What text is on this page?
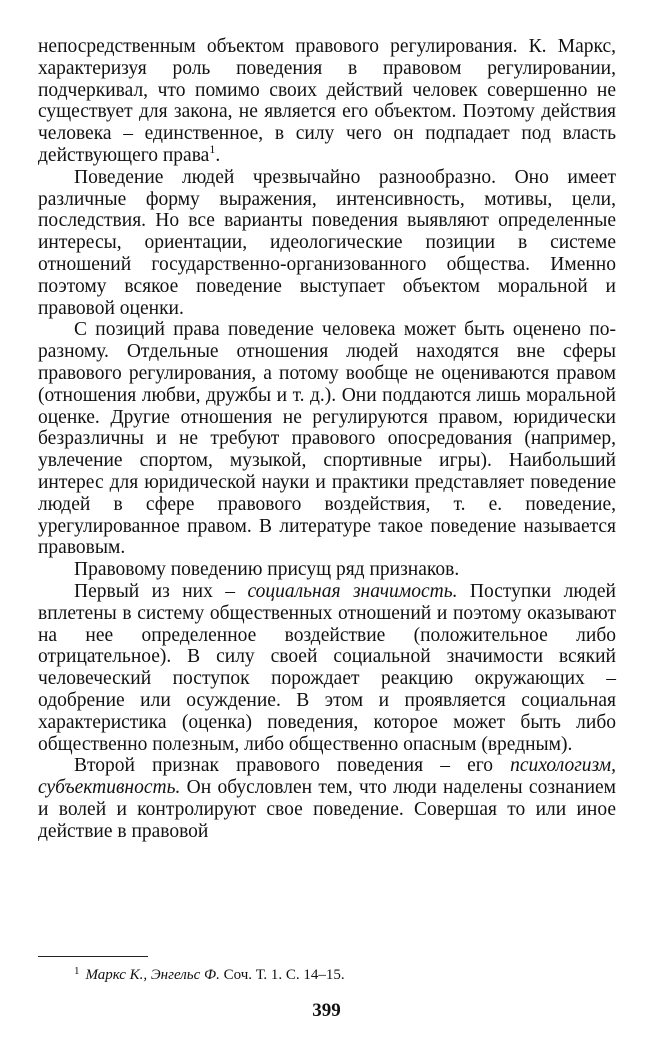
непосредственным объектом правового регулирования. К. Маркс, характеризуя роль поведения в правовом регулировании, подчеркивал, что помимо своих действий человек совершенно не существует для закона, не является его объектом. Поэтому действия человека – единственное, в силу чего он подпадает под власть действующего права$^1$.

Поведение людей чрезвычайно разнообразно. Оно имеет различные форму выражения, интенсивность, мотивы, цели, последствия. Но все варианты поведения выявляют определенные интересы, ориентации, идеологические позиции в системе отношений государственно-организованного общества. Именно поэтому всякое поведение выступает объектом моральной и правовой оценки.

С позиций права поведение человека может быть оценено по-разному. Отдельные отношения людей находятся вне сферы правового регулирования, а потому вообще не оцениваются правом (отношения любви, дружбы и т. д.). Они поддаются лишь моральной оценке. Другие отношения не регулируются правом, юридически безразличны и не требуют правового опосредования (например, увлечение спортом, музыкой, спортивные игры). Наибольший интерес для юридической науки и практики представляет поведение людей в сфере правового воздействия, т. е. поведение, урегулированное правом. В литературе такое поведение называется правовым.

Правовому поведению присущ ряд признаков.

Первый из них – социальная значимость. Поступки людей вплетены в систему общественных отношений и поэтому оказывают на нее определенное воздействие (положительное либо отрицательное). В силу своей социальной значимости всякий человеческий поступок порождает реакцию окружающих – одобрение или осуждение. В этом и проявляется социальная характеристика (оценка) поведения, которое может быть либо общественно полезным, либо общественно опасным (вредным).

Второй признак правового поведения – его психологизм, субъективность. Он обусловлен тем, что люди наделены сознанием и волей и контролируют свое поведение. Совершая то или иное действие в правовой

$^1$ Маркс К., Энгельс Ф. Соч. Т. 1. С. 14–15.
399
